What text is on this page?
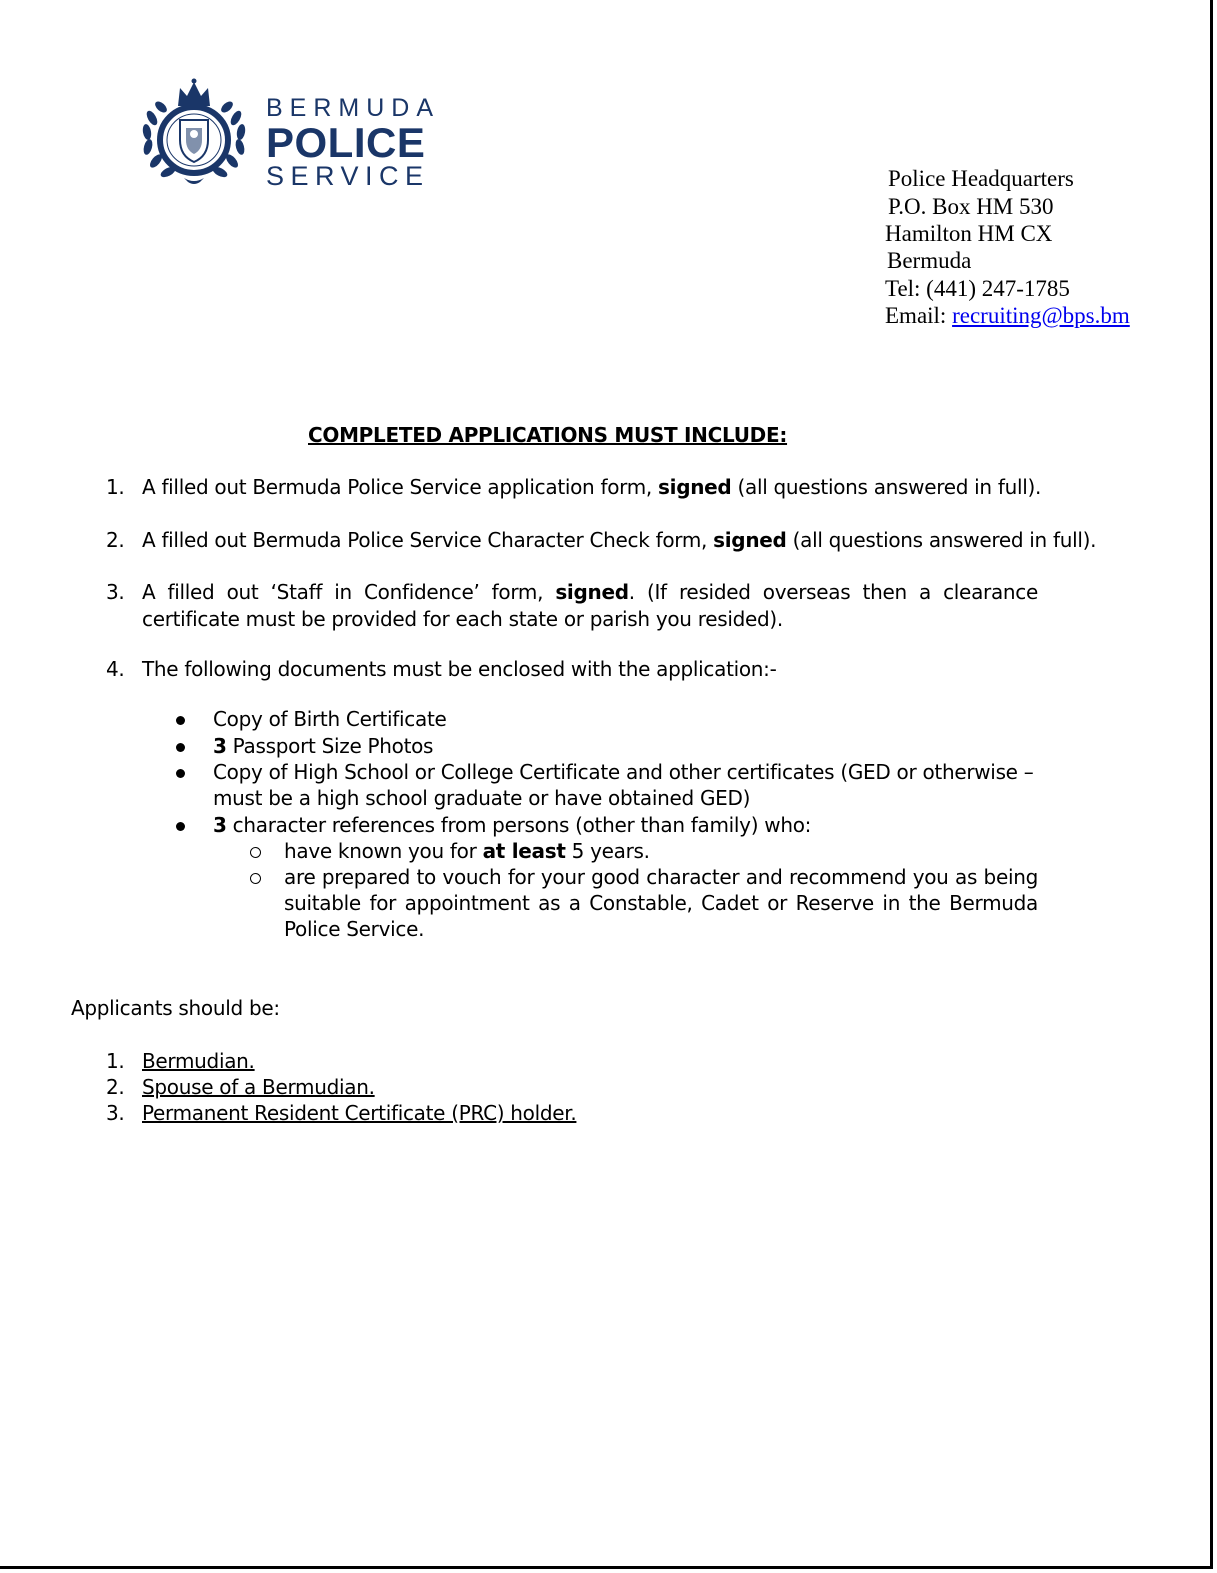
BERMUDA
POLICE
SERVICE	Police Headquarters
P.O. Box HM 530
Hamilton HM CX
Bermuda
Tel: (441) 247-1785
Email: recruiting@bps.bm
COMPLETED APPLICATIONS MUST INCLUDE:
1. A filled out Bermuda Police Service application form, signed (all questions answered in full).
2. A filled out Bermuda Police Service Character Check form, signed (all questions answered in full).
3. A filled out ‘Staff in Confidence’ form, signed. (If resided overseas then a clearance
certificate must be provided for each state or parish you resided).
4. The following documents must be enclosed with the application:-
Copy of Birth Certificate
3 Passport Size Photos
Copy of High School or College Certificate and other certificates (GED or otherwise –
must be a high school graduate or have obtained GED)
3 character references from persons (other than family) who:
have known you for at least 5 years.
are prepared to vouch for your good character and recommend you as being
suitable for appointment as a Constable, Cadet or Reserve in the Bermuda
Police Service.
Applicants should be:
1. Bermudian.
2. Spouse of a Bermudian.
3. Permanent Resident Certificate (PRC) holder.
